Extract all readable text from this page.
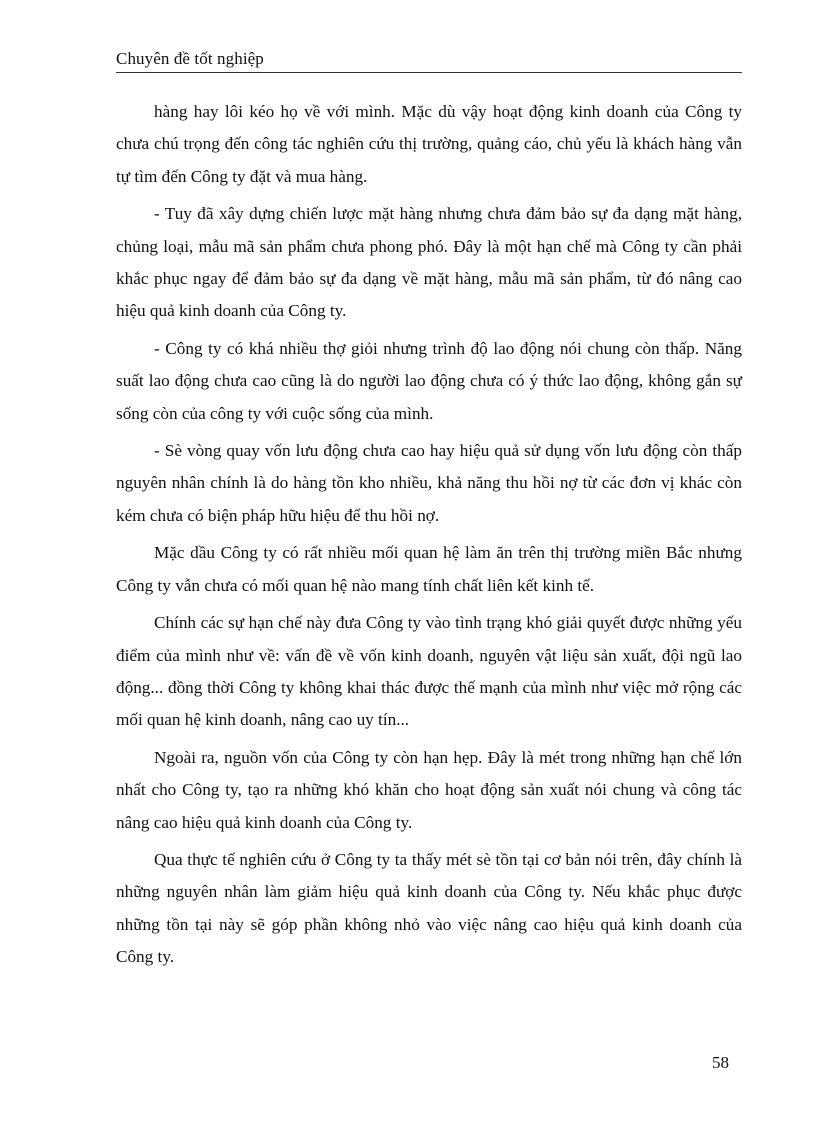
Chuyên đề tốt nghiệp

hàng hay lôi kéo họ về với mình. Mặc dù vậy hoạt động kinh doanh của Công ty chưa chú trọng đến công tác nghiên cứu thị trường, quảng cáo, chủ yếu là khách hàng vẫn tự tìm đến Công ty đặt và mua hàng.

- Tuy đã xây dựng chiến lược mặt hàng nhưng chưa đảm bảo sự đa dạng mặt hàng, chủng loại, mẫu mã sản phẩm chưa phong phó. Đây là một hạn chế mà Công ty cần phải khắc phục ngay để đảm bảo sự đa dạng về mặt hàng, mẫu mã sản phẩm, từ đó nâng cao hiệu quả kinh doanh của Công ty.

- Công ty có khá nhiều thợ giỏi nhưng trình độ lao động nói chung còn thấp. Năng suất lao động chưa cao cũng là do người lao động chưa có ý thức lao động, không gắn sự sống còn của công ty với cuộc sống của mình.

- Sè vòng quay vốn lưu động chưa cao hay hiệu quả sử dụng vốn lưu động còn thấp nguyên nhân chính là do hàng tồn kho nhiều, khả năng thu hồi nợ từ các đơn vị khác còn kém chưa có biện pháp hữu hiệu để thu hồi nợ.

Mặc dầu Công ty có rất nhiều mối quan hệ làm ăn trên thị trường miền Bắc nhưng Công ty vẫn chưa có mối quan hệ nào mang tính chất liên kết kinh tế.

Chính các sự hạn chế này đưa Công ty vào tình trạng khó giải quyết được những yếu điểm của mình như về: vấn đề về vốn kinh doanh, nguyên vật liệu sản xuất, đội ngũ lao động... đồng thời Công ty không khai thác được thế mạnh của mình như việc mở rộng các mối quan hệ kinh doanh, nâng cao uy tín...

Ngoài ra, nguồn vốn của Công ty còn hạn hẹp. Đây là mét trong những hạn chế lớn nhất cho Công ty, tạo ra những khó khăn cho hoạt động sản xuất nói chung và công tác nâng cao hiệu quả kinh doanh của Công ty.

Qua thực tế nghiên cứu ở Công ty ta thấy mét sè tồn tại cơ bản nói trên, đây chính là những nguyên nhân làm giảm hiệu quả kinh doanh của Công ty. Nếu khắc phục được những tồn tại này sẽ góp phần không nhỏ vào việc nâng cao hiệu quả kinh doanh của Công ty.

58
